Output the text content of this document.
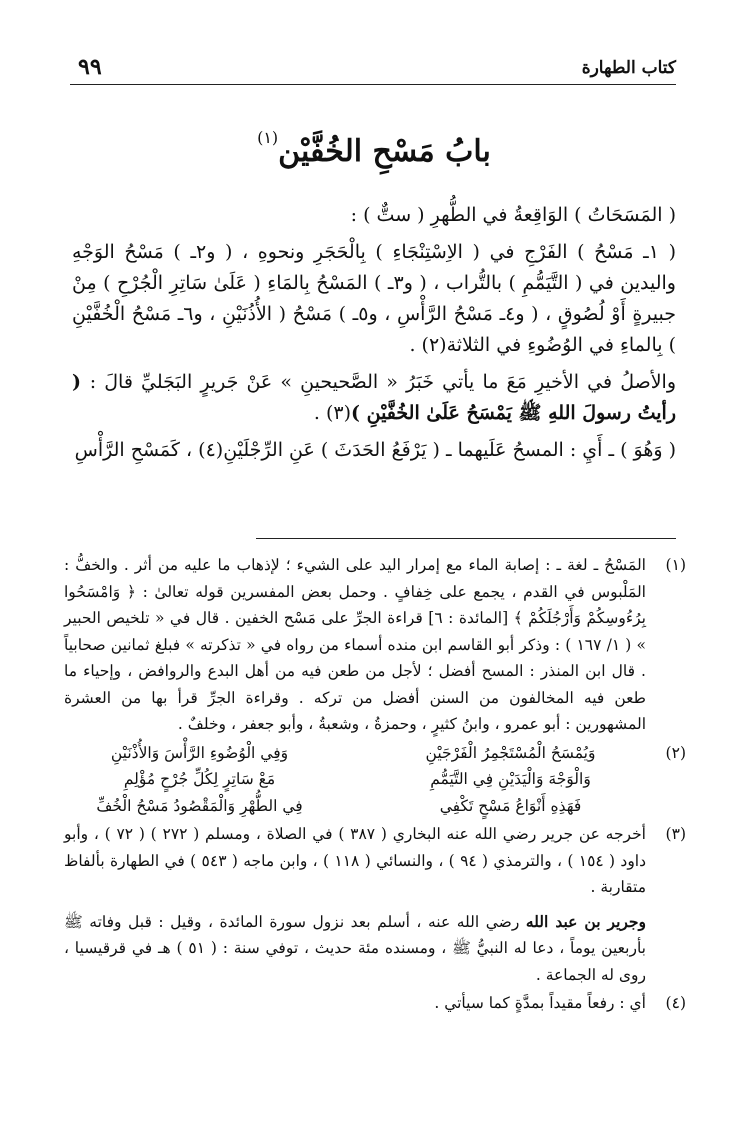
كتاب الطهارة
٩٩
بابُ مَسْحِ الخُفَّيْن$^{(١)}$

( المَسَحَاتُ ) الوَاقِعةُ في الطُّهرِ ( ستٌّ ) :

( ١ـ مَسْحُ ) الفَرْجِ في ( الاِسْتِنْجَاءِ ) بِالْحَجَرِ ونحوهِ ، ( و٢ـ ) مَسْحُ الوَجْهِ واليدين في ( التَّيَمُّمِ ) بالتُّراب ، ( و٣ـ ) المَسْحُ بِالمَاءِ ( عَلَىٰ سَاتِرِ الْجُرْحِ ) مِنْ جبيرةٍ أَوْ لُصُوقٍ ، ( و٤ـ مَسْحُ الرَّأْسِ ، و٥ـ ) مَسْحُ ( الأُذُنَيْنِ ، و٦ـ مَسْحُ الْخُفَّيْنِ ) بِالماءِ في الوُضُوءِ في الثلاثة(٢) .

والأصلُ في الأخيرِ مَعَ ما يأتي خَبَرُ « الصَّحيحينِ » عَنْ جَريرٍ البَجَليِّ قالَ : ( رأيتُ رسولَ اللهِ ﷺ يَمْسَحُ عَلَىٰ الخُفَّيْنِ )(٣) .

( وَهُوَ ) ـ أَيِ : المسحُ عَلَيهما ـ ( يَرْفَعُ الحَدَثَ ) عَنِ الرِّجْلَيْنِ(٤) ، كَمَسْحِ الرَّأْسِ

(١)

المَسْحُ ـ لغة ـ : إصابة الماء مع إمرار اليد على الشيء ؛ لإذهاب ما عليه من أثر . والخفُّ : المَلْبوس في القدم ، يجمع على خِفافٍ . وحمل بعض المفسرين قوله تعالىٰ : ﴿ وَامْسَحُوا بِرُءُوسِكُمْ وَأَرْجُلَكُمْ ﴾ [المائدة : ٦] قراءة الجرِّ على مَسْح الخفين . قال في « تلخيص الحبير » ( ١/ ١٦٧ ) : وذكر أبو القاسم ابن منده أسماء من رواه في « تذكرته » فبلغ ثمانين صحابياً . قال ابن المنذر : المسح أفضل ؛ لأجل من طعن فيه من أهل البدع والروافض ، وإحياء ما طعن فيه المخالفون من السنن أفضل من تركه . وقراءة الجرِّ قرأ بها من العشرة المشهورين : أبو عمرو ، وابنُ كثيرٍ ، وحمزةُ ، وشعبةُ ، وأبو جعفر ، وخلفٌ .

(٢)
وَيُمْسَحُ الْمُسْتَجْمِرُ الْفَرْجَيْنِ
وَفِي الْوُضُوءِ الرَّأْسَ وَالأُذْنَيْنِ
وَالْوَجْهَ وَالْيَدَيْنِ فِي التَّيَمُّمِ
مَعْ سَاتِرٍ لِكُلِّ جُرْحٍ مُؤْلِمِ
فَهَذِهِ أَنْوَاعُ مَسْحٍ تَكْفِي
فِي الطُّهْرِ وَالْمَقْصُودُ مَسْحُ الْخُفِّ
(٣)

أخرجه عن جرير رضي الله عنه البخاري ( ٣٨٧ ) في الصلاة ، ومسلم ( ٢٧٢ ) ( ٧٢ ) ، وأبو داود ( ١٥٤ ) ، والترمذي ( ٩٤ ) ، والنسائي ( ١١٨ ) ، وابن ماجه ( ٥٤٣ ) في الطهارة بألفاظ متقاربة .

وجرير بن عبد الله رضي الله عنه ، أسلم بعد نزول سورة المائدة ، وقيل : قبل وفاته ﷺ بأربعين يوماً ، دعا له النبيُّ ﷺ ، ومسنده مئة حديث ، توفي سنة : ( ٥١ ) هـ في قرقيسيا ، روى له الجماعة .

(٤)

أي : رفعاً مقيداً بمدَّةٍ كما سيأتي .
